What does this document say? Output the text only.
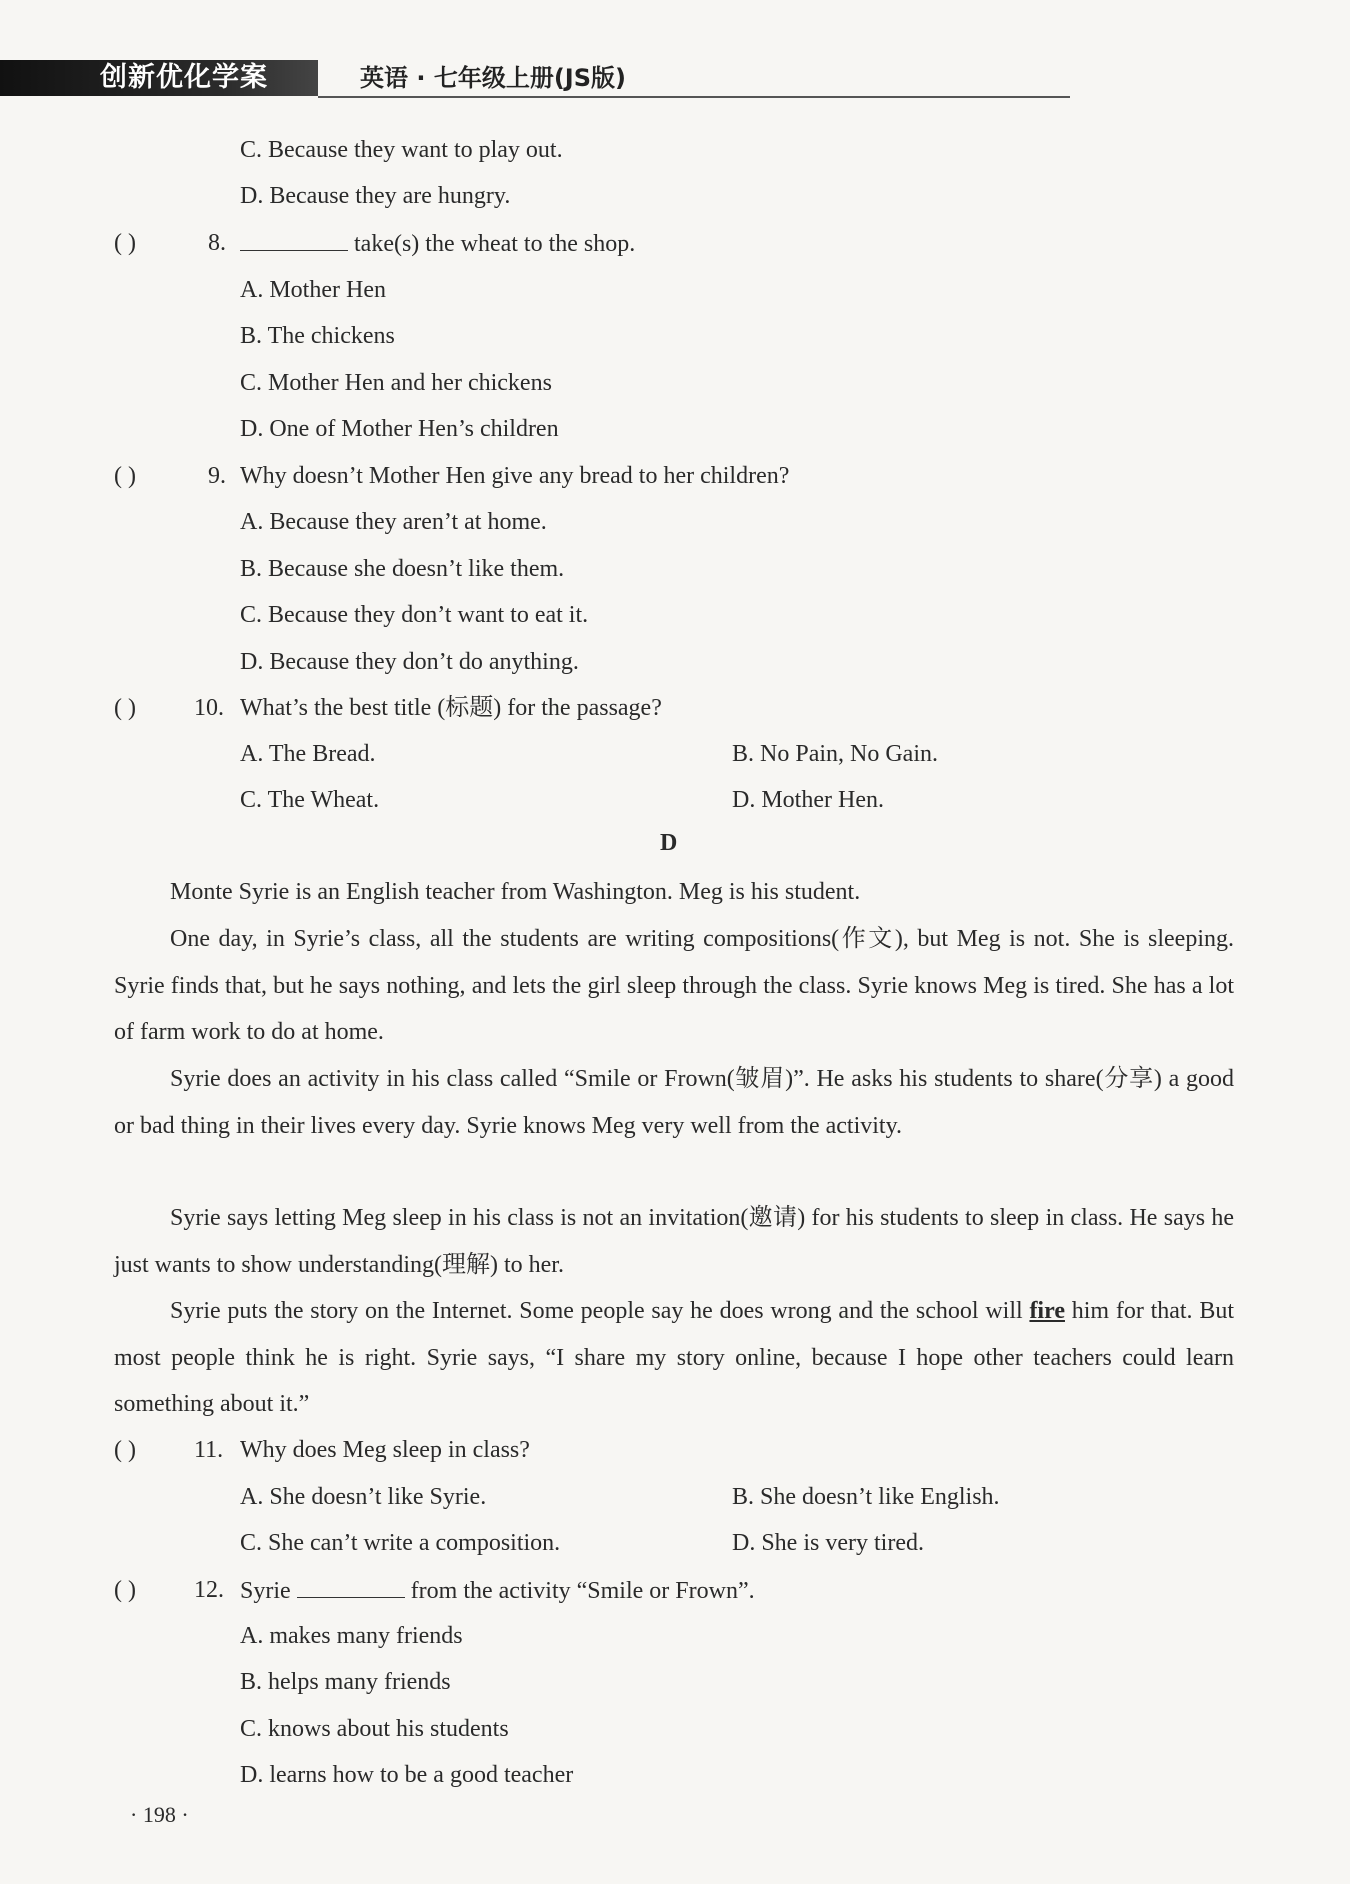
创新优化学案	英语 · 七年级上册(JS版)
C. Because they want to play out.
D. Because they are hungry.
( )	8.	take(s) the wheat to the shop.
A. Mother Hen
B. The chickens
C. Mother Hen and her chickens
D. One of Mother Hen’s children
( )	9. Why doesn’t Mother Hen give any bread to her children?
A. Because they aren’t at home.
B. Because she doesn’t like them.
C. Because they don’t want to eat it.
D. Because they don’t do anything.
( ) 10. What’s the best title (标题) for the passage?
A. The Bread.	B. No Pain, No Gain.
C. The Wheat.	D. Mother Hen.
D
Monte Syrie is an English teacher from Washington. Meg is his student.
One day, in Syrie’s class, all the students are writing compositions(作文), but Meg is not. She is sleeping. Syrie finds that, but he says nothing, and lets the girl sleep through the class. Syrie knows Meg is tired. She has a lot of farm work to do at home.
Syrie does an activity in his class called “Smile or Frown(皱眉)”. He asks his students to share(分享) a good or bad thing in their lives every day. Syrie knows Meg very well from the activity.
Syrie says letting Meg sleep in his class is not an invitation(邀请) for his students to sleep in class. He says he just wants to show understanding(理解) to her.
Syrie puts the story on the Internet. Some people say he does wrong and the school will fire him for that. But most people think he is right. Syrie says, “I share my story online, because I hope other teachers could learn something about it.”
( ) 11. Why does Meg sleep in class?
A. She doesn’t like Syrie.	B. She doesn’t like English.
C. She can’t write a composition.	D. She is very tired.
( ) 12. Syrie	from the activity “Smile or Frown”.
A. makes many friends
B. helps many friends
C. knows about his students
D. learns how to be a good teacher
· 198 ·
